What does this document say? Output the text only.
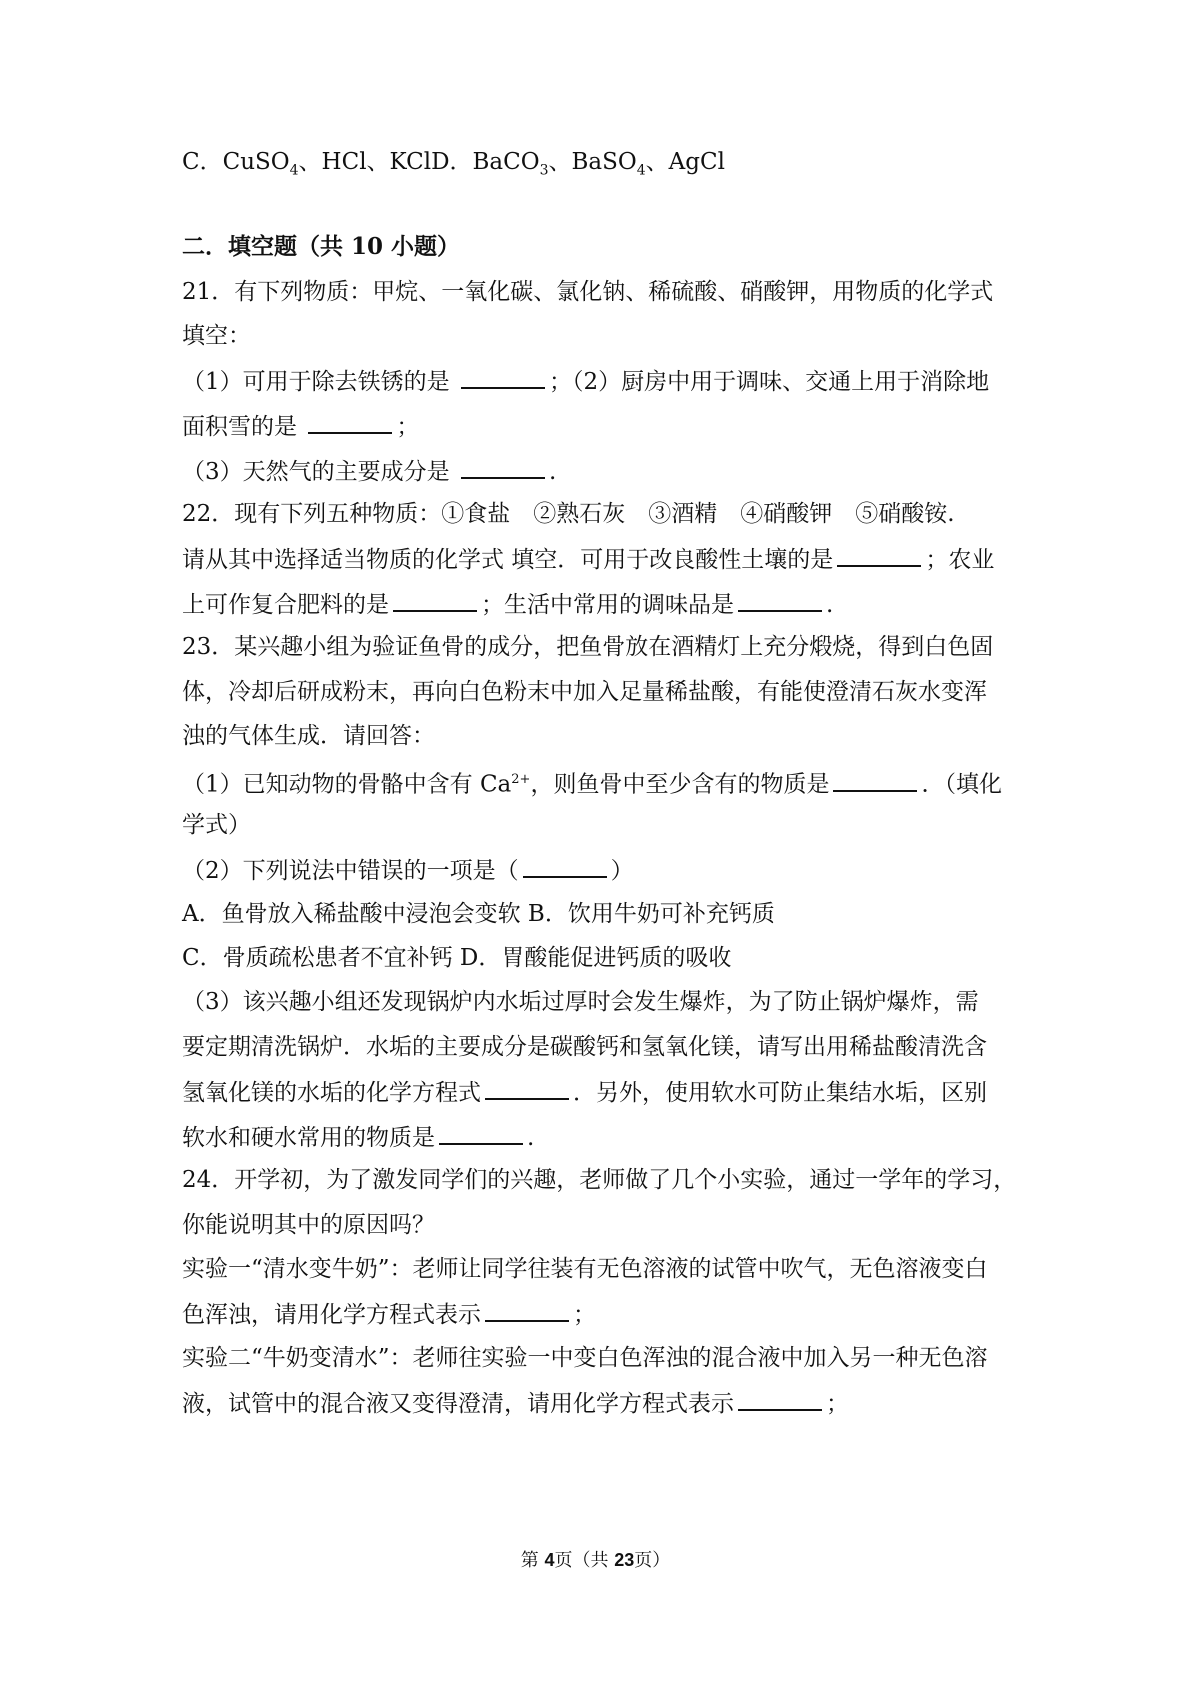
C．CuSO$_4$、HCl、KClD．BaCO$_3$、BaSO$_4$、AgCl

二．填空题（共 10 小题）

21．有下列物质：甲烷、一氧化碳、氯化钠、稀硫酸、硝酸钾，用物质的化学式

填空：

（1）可用于除去铁锈的是	；（2）厨房中用于调味、交通上用于消除地

面积雪的是	；

（3）天然气的主要成分是	.

22．现有下列五种物质：①食盐　②熟石灰　③酒精　④硝酸钾　⑤硝酸铵.

请从其中选择适当物质的化学式 填空．可用于改良酸性土壤的是	；农业

上可作复合肥料的是	；生活中常用的调味品是	.

23．某兴趣小组为验证鱼骨的成分，把鱼骨放在酒精灯上充分煅烧，得到白色固

体，冷却后研成粉末，再向白色粉末中加入足量稀盐酸，有能使澄清石灰水变浑

浊的气体生成．请回答：

（1）已知动物的骨骼中含有 $Ca^{2+}$，则鱼骨中至少含有的物质是	．（填化

学式）

（2）下列说法中错误的一项是（	）

A．鱼骨放入稀盐酸中浸泡会变软 B．饮用牛奶可补充钙质

C．骨质疏松患者不宜补钙 D．胃酸能促进钙质的吸收

（3）该兴趣小组还发现锅炉内水垢过厚时会发生爆炸，为了防止锅炉爆炸，需

要定期清洗锅炉．水垢的主要成分是碳酸钙和氢氧化镁，请写出用稀盐酸清洗含

氢氧化镁的水垢的化学方程式	．另外，使用软水可防止集结水垢，区别

软水和硬水常用的物质是	.

24．开学初，为了激发同学们的兴趣，老师做了几个小实验，通过一学年的学习，

你能说明其中的原因吗？

实验一“清水变牛奶”：老师让同学往装有无色溶液的试管中吹气，无色溶液变白

色浑浊，请用化学方程式表示	；

实验二“牛奶变清水”：老师往实验一中变白色浑浊的混合液中加入另一种无色溶

液，试管中的混合液又变得澄清，请用化学方程式表示	；

第 4页（共 23页）
